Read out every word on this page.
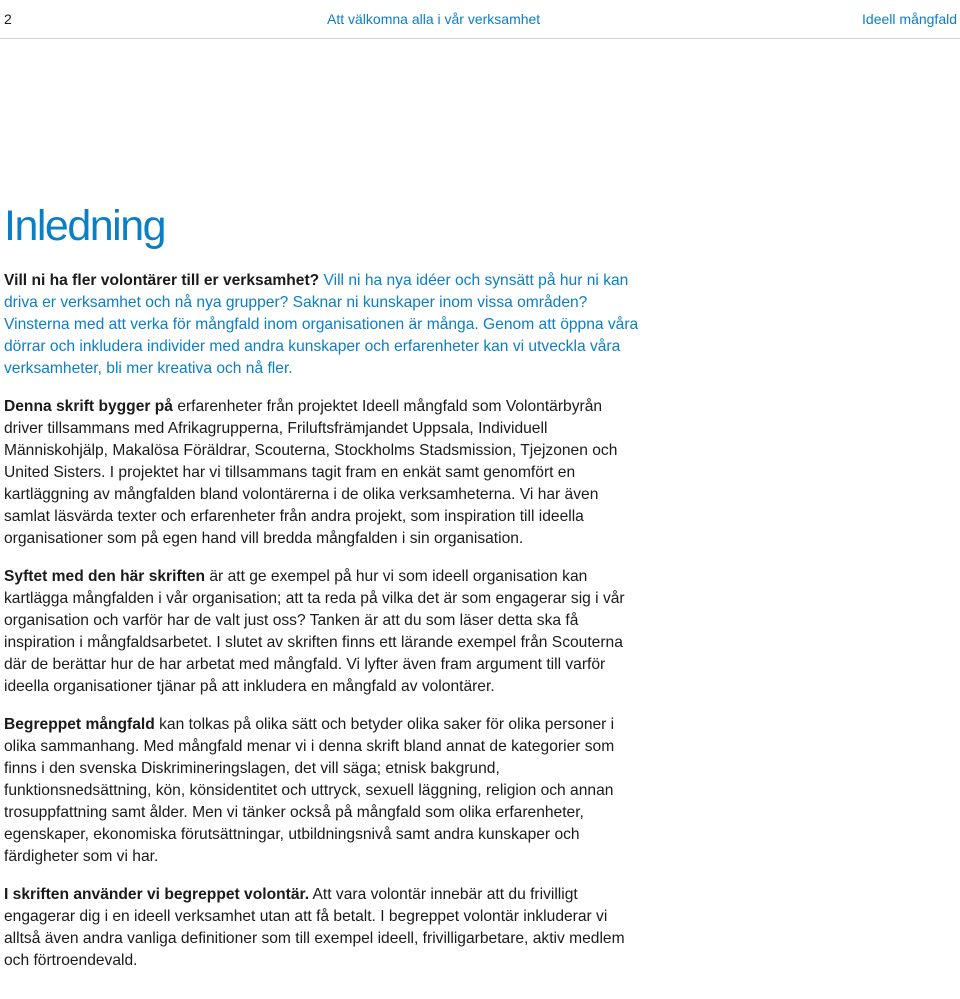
2	Att välkomna alla i vår verksamhet	Ideell mångfald
Inledning

Vill ni ha fler volontärer till er verksamhet? Vill ni ha nya idéer och synsätt på hur ni kan driva er verksamhet och nå nya grupper? Saknar ni kunskaper inom vissa områden? Vinsterna med att verka för mångfald inom organisationen är många. Genom att öppna våra dörrar och inkludera individer med andra kunskaper och erfarenheter kan vi utveckla våra verksamheter, bli mer kreativa och nå fler.

Denna skrift bygger på erfarenheter från projektet Ideell mångfald som Volontärbyrån driver tillsammans med Afrikagrupperna, Friluftsfrämjandet Uppsala, Individuell Människohjälp, Makalösa Föräldrar, Scouterna, Stockholms Stadsmission, Tjejzonen och United Sisters. I projektet har vi tillsammans tagit fram en enkät samt genomfört en kartläggning av mångfalden bland volontärerna i de olika verksamheterna. Vi har även samlat läsvärda texter och erfarenheter från andra projekt, som inspiration till ideella organisationer som på egen hand vill bredda mångfalden i sin organisation.

Syftet med den här skriften är att ge exempel på hur vi som ideell organisation kan kartlägga mångfalden i vår organisation; att ta reda på vilka det är som engagerar sig i vår organisation och varför har de valt just oss? Tanken är att du som läser detta ska få inspiration i mångfaldsarbetet. I slutet av skriften finns ett lärande exempel från Scouterna där de berättar hur de har arbetat med mångfald. Vi lyfter även fram argument till varför ideella organisationer tjänar på att inkludera en mångfald av volontärer.

Begreppet mångfald kan tolkas på olika sätt och betyder olika saker för olika personer i olika sammanhang. Med mångfald menar vi i denna skrift bland annat de kategorier som finns i den svenska Diskrimineringslagen, det vill säga; etnisk bakgrund, funktionsnedsättning, kön, könsidentitet och uttryck, sexuell läggning, religion och annan trosuppfattning samt ålder. Men vi tänker också på mångfald som olika erfarenheter, egenskaper, ekonomiska förutsättningar, utbildningsnivå samt andra kunskaper och färdigheter som vi har.

I skriften använder vi begreppet volontär. Att vara volontär innebär att du frivilligt engagerar dig i en ideell verksamhet utan att få betalt. I begreppet volontär inkluderar vi alltså även andra vanliga definitioner som till exempel ideell, frivilligarbetare, aktiv medlem och förtroendevald.
